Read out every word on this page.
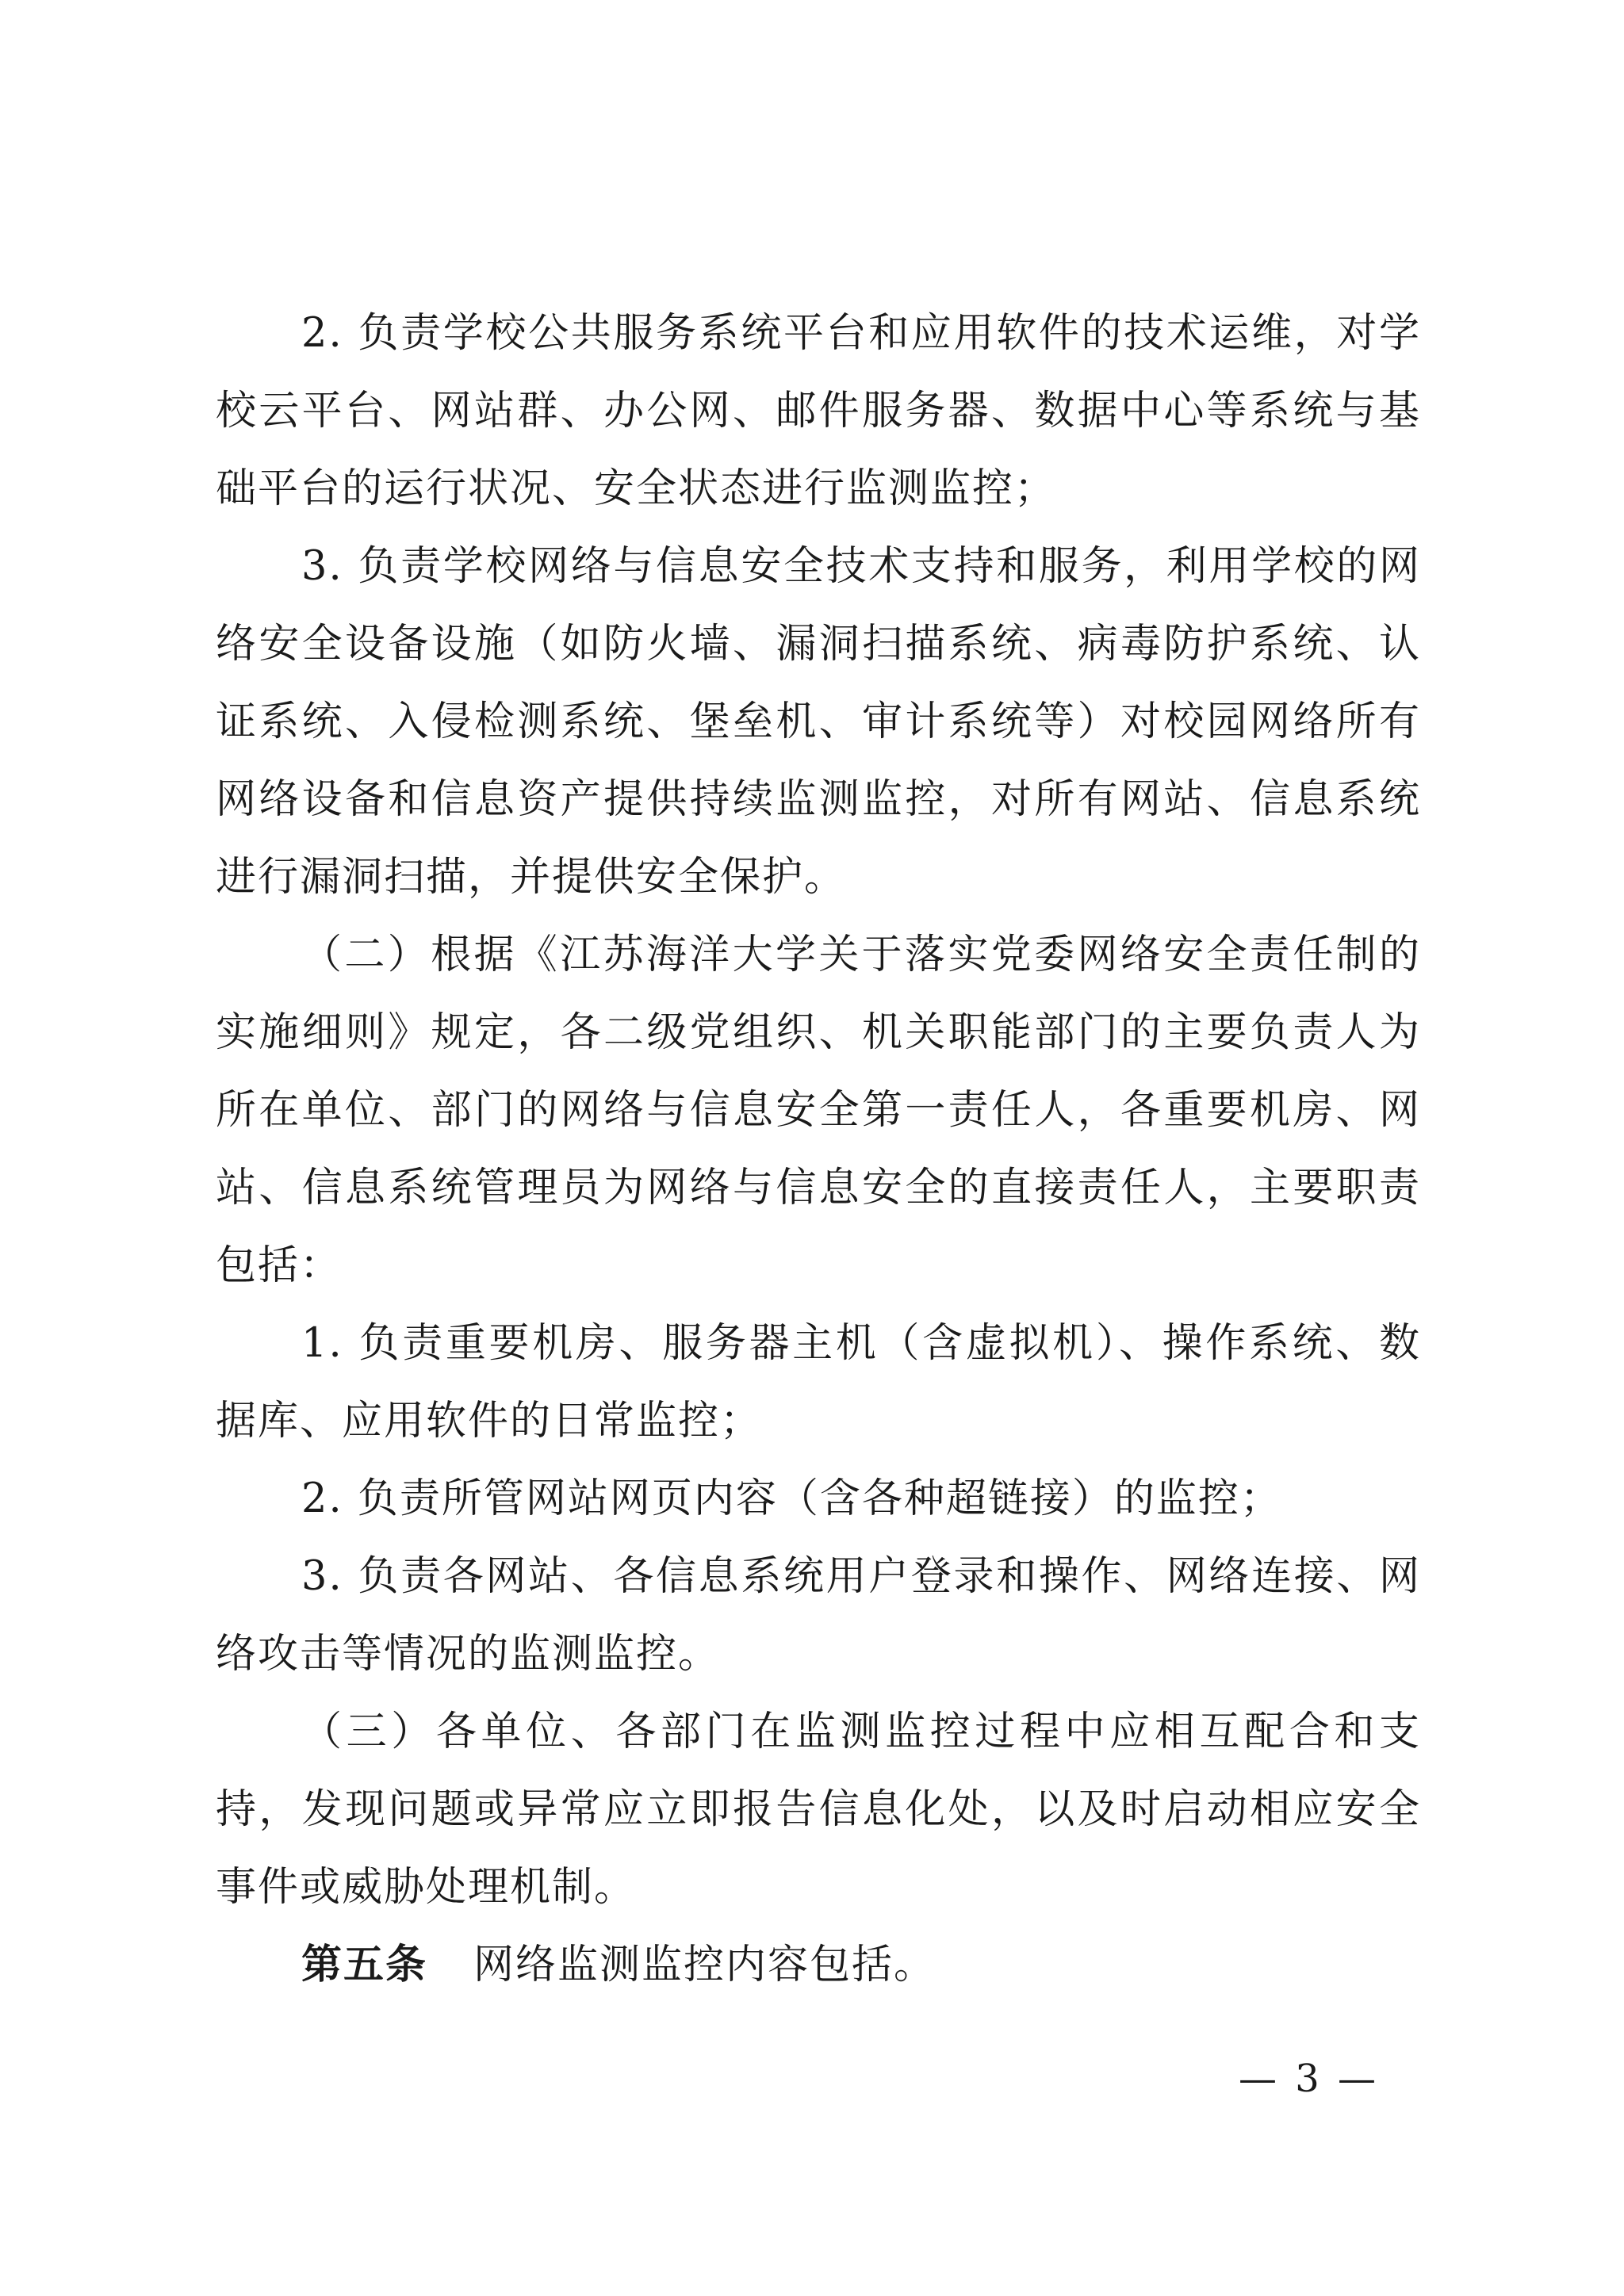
2. 负责学校公共服务系统平台和应用软件的技术运维，对学校云平台、网站群、办公网、邮件服务器、数据中心等系统与基础平台的运行状况、安全状态进行监测监控；

3. 负责学校网络与信息安全技术支持和服务，利用学校的网络安全设备设施（如防火墙、漏洞扫描系统、病毒防护系统、认证系统、入侵检测系统、堡垒机、审计系统等）对校园网络所有网络设备和信息资产提供持续监测监控，对所有网站、信息系统进行漏洞扫描，并提供安全保护。

（二）根据《江苏海洋大学关于落实党委网络安全责任制的实施细则》规定，各二级党组织、机关职能部门的主要负责人为所在单位、部门的网络与信息安全第一责任人，各重要机房、网站、信息系统管理员为网络与信息安全的直接责任人，主要职责包括：

1. 负责重要机房、服务器主机（含虚拟机）、操作系统、数据库、应用软件的日常监控；

2. 负责所管网站网页内容（含各种超链接）的监控；

3. 负责各网站、各信息系统用户登录和操作、网络连接、网络攻击等情况的监测监控。

（三）各单位、各部门在监测监控过程中应相互配合和支持，发现问题或异常应立即报告信息化处，以及时启动相应安全事件或威胁处理机制。

第五条 网络监测监控内容包括。

— 3 —
